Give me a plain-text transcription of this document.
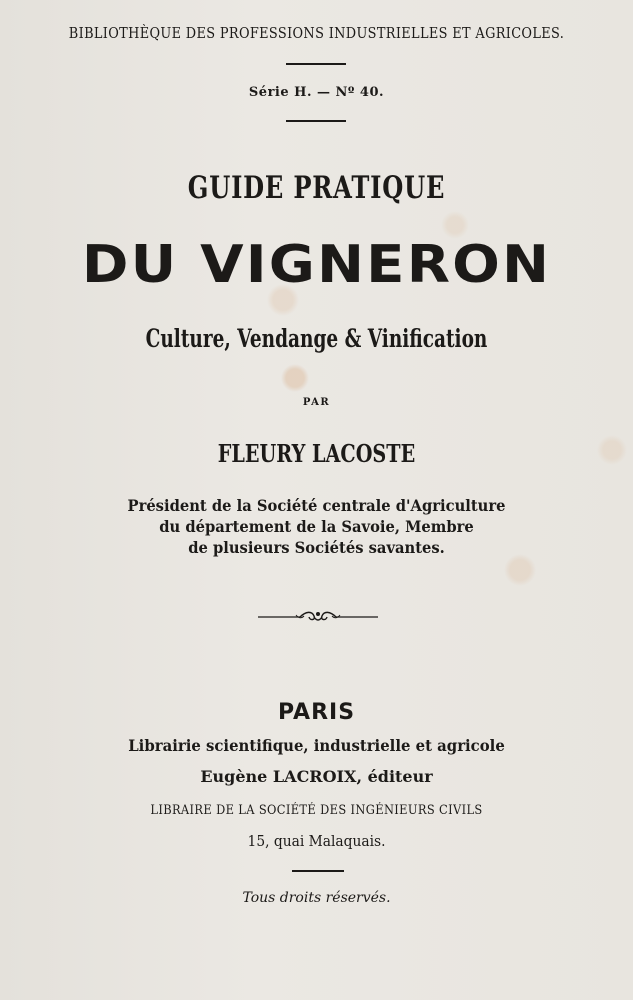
BIBLIOTHÈQUE DES PROFESSIONS INDUSTRIELLES ET AGRICOLES.
Série H. — Nº 40.
GUIDE PRATIQUE
DU VIGNERON
Culture, Vendange & Vinification
PAR
FLEURY LACOSTE
Président de la Société centrale d'Agriculture
du département de la Savoie, Membre
de plusieurs Sociétés savantes.
PARIS
Librairie scientifique, industrielle et agricole
Eugène LACROIX, éditeur
LIBRAIRE DE LA SOCIÉTÉ DES INGÉNIEURS CIVILS
15, quai Malaquais.
Tous droits réservés.
